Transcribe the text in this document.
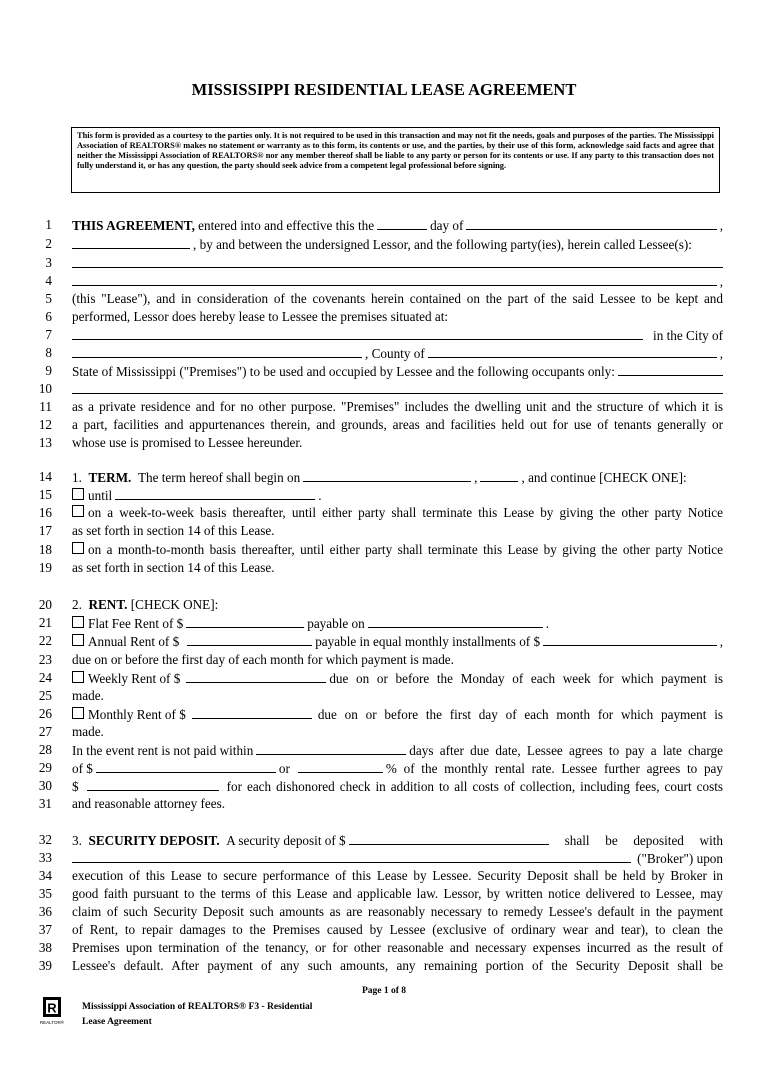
MISSISSIPPI RESIDENTIAL LEASE AGREEMENT
This form is provided as a courtesy to the parties only. It is not required to be used in this transaction and may not fit the needs, goals and purposes of the parties. The Mississippi Association of REALTORS® makes no statement or warranty as to this form, its contents or use, and the parties, by their use of this form, acknowledge said facts and agree that neither the Mississippi Association of REALTORS® nor any member thereof shall be liable to any party or person for its contents or use. If any party to this transaction does not fully understand it, or has any question, the party should seek advice from a competent legal professional before signing.
1 THIS AGREEMENT,
entered into and effective this the	day of	,
2	, by and between the undersigned Lessor, and the following party(ies), herein called Lessee(s):
3
4	,
5 (this "Lease"), and in consideration of the covenants herein contained on the part of the said Lessee to be kept and
6 performed, Lessor does hereby lease to Lessee the premises situated at:
7	in the City of
8	, County of	,
9 State of Mississippi ("Premises") to be used and occupied by Lessee and the following occupants only:
10
11 as a private residence and for no other purpose. "Premises" includes the dwelling unit and the structure of which it is
12 a part, facilities and appurtenances therein, and grounds, areas and facilities held out for use of tenants generally or
13 whose use is promised to Lessee hereunder.
14 1.
TERM.
The term hereof shall begin on	,	, and continue [CHECK ONE]:
15	until	.
16	on a week-to-week basis thereafter, until either party shall terminate this Lease by giving the other party Notice
17 as set forth in section 14 of this Lease.
18	on a month-to-month basis thereafter, until either party shall terminate this Lease by giving the other party Notice
19 as set forth in section 14 of this Lease.
20 2.
RENT.
[CHECK ONE]:
21	Flat Fee Rent of $	payable on	.
22	Annual Rent of $	payable in equal monthly installments of $	,
23 due on or before the first day of each month for which payment is made.
24	Weekly Rent of $	due on or before the Monday of each week for which payment is
25 made.
26	Monthly Rent of $	due on or before the first day of each month for which payment is
27 made.
28 In the event rent is not paid within	days after due date, Lessee agrees to pay a late charge
29 of $	or	% of the monthly rental rate. Lessee further agrees to pay
30 $	for each dishonored check in addition to all costs of collection, including fees, court costs
31 and reasonable attorney fees.
32 3.
SECURITY DEPOSIT.
A security deposit of $	shall be deposited with
33	("Broker") upon
34 execution of this Lease to secure performance of this Lease by Lessee. Security Deposit shall be held by Broker in
35 good faith pursuant to the terms of this Lease and applicable law. Lessor, by written notice delivered to Lessee, may
36 claim of such Security Deposit such amounts as are reasonably necessary to remedy Lessee's default in the payment
37 of Rent, to repair damages to the Premises caused by Lessee (exclusive of ordinary wear and tear), to clean the
38 Premises upon termination of the tenancy, or for other reasonable and necessary expenses incurred as the result of
39 Lessee's default. After payment of any such amounts, any remaining portion of the Security Deposit shall be
Page 1 of 8
R
REALTOR®
Mississippi Association of REALTORS® F3 - Residential
Lease Agreement
